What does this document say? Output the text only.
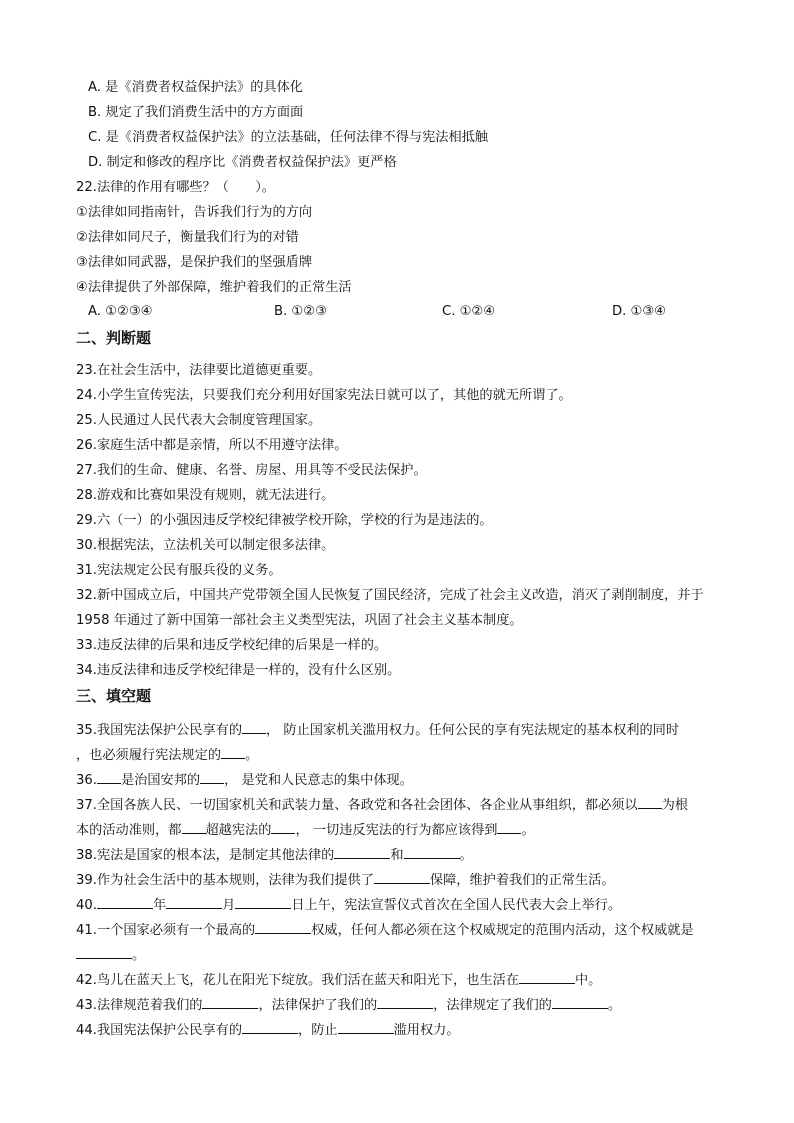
A. 是《消费者权益保护法》的具体化
B. 规定了我们消费生活中的方方面面
C. 是《消费者权益保护法》的立法基础，任何法律不得与宪法相抵触
D. 制定和修改的程序比《消费者权益保护法》更严格
22.法律的作用有哪些？（　　）。
①法律如同指南针，告诉我们行为的方向
②法律如同尺子，衡量我们行为的对错
③法律如同武器，是保护我们的坚强盾牌
④法律提供了外部保障，维护着我们的正常生活
A. ①②③④	B. ①②③	C. ①②④	D. ①③④
二、判断题
23.在社会生活中，法律要比道德更重要。
24.小学生宣传宪法，只要我们充分利用好国家宪法日就可以了，其他的就无所谓了。
25.人民通过人民代表大会制度管理国家。
26.家庭生活中都是亲情，所以不用遵守法律。
27.我们的生命、健康、名誉、房屋、用具等不受民法保护。
28.游戏和比赛如果没有规则，就无法进行。
29.六（一）的小强因违反学校纪律被学校开除，学校的行为是违法的。
30.根据宪法，立法机关可以制定很多法律。
31.宪法规定公民有服兵役的义务。
32.新中国成立后，中国共产党带领全国人民恢复了国民经济，完成了社会主义改造，消灭了剥削制度，并于
1958 年通过了新中国第一部社会主义类型宪法，巩固了社会主义基本制度。
33.违反法律的后果和违反学校纪律的后果是一样的。
34.违反法律和违反学校纪律是一样的，没有什么区别。
三、填空题
35.我国宪法保护公民享有的 ， 防止国家机关滥用权力。任何公民的享有宪法规定的基本权利的同时
，也必须履行宪法规定的 。
36. 是治国安邦的 ， 是党和人民意志的集中体现。
37.全国各族人民、一切国家机关和武装力量、各政党和各社会团体、各企业从事组织，都必须以 为根
本的活动准则，都 超越宪法的 ， 一切违反宪法的行为都应该得到 。
38.宪法是国家的根本法，是制定其他法律的	和	。
39.作为社会生活中的基本规则，法律为我们提供了	保障，维护着我们的正常生活。
40.	年	月	日上午，宪法宣誓仪式首次在全国人民代表大会上举行。
41.一个国家必须有一个最高的	权威，任何人都必须在这个权威规定的范围内活动，这个权威就是
。
42.鸟儿在蓝天上飞，花儿在阳光下绽放。我们活在蓝天和阳光下，也生活在	中。
43.法律规范着我们的	，法律保护了我们的	，法律规定了我们的	。
44.我国宪法保护公民享有的	，防止	滥用权力。
